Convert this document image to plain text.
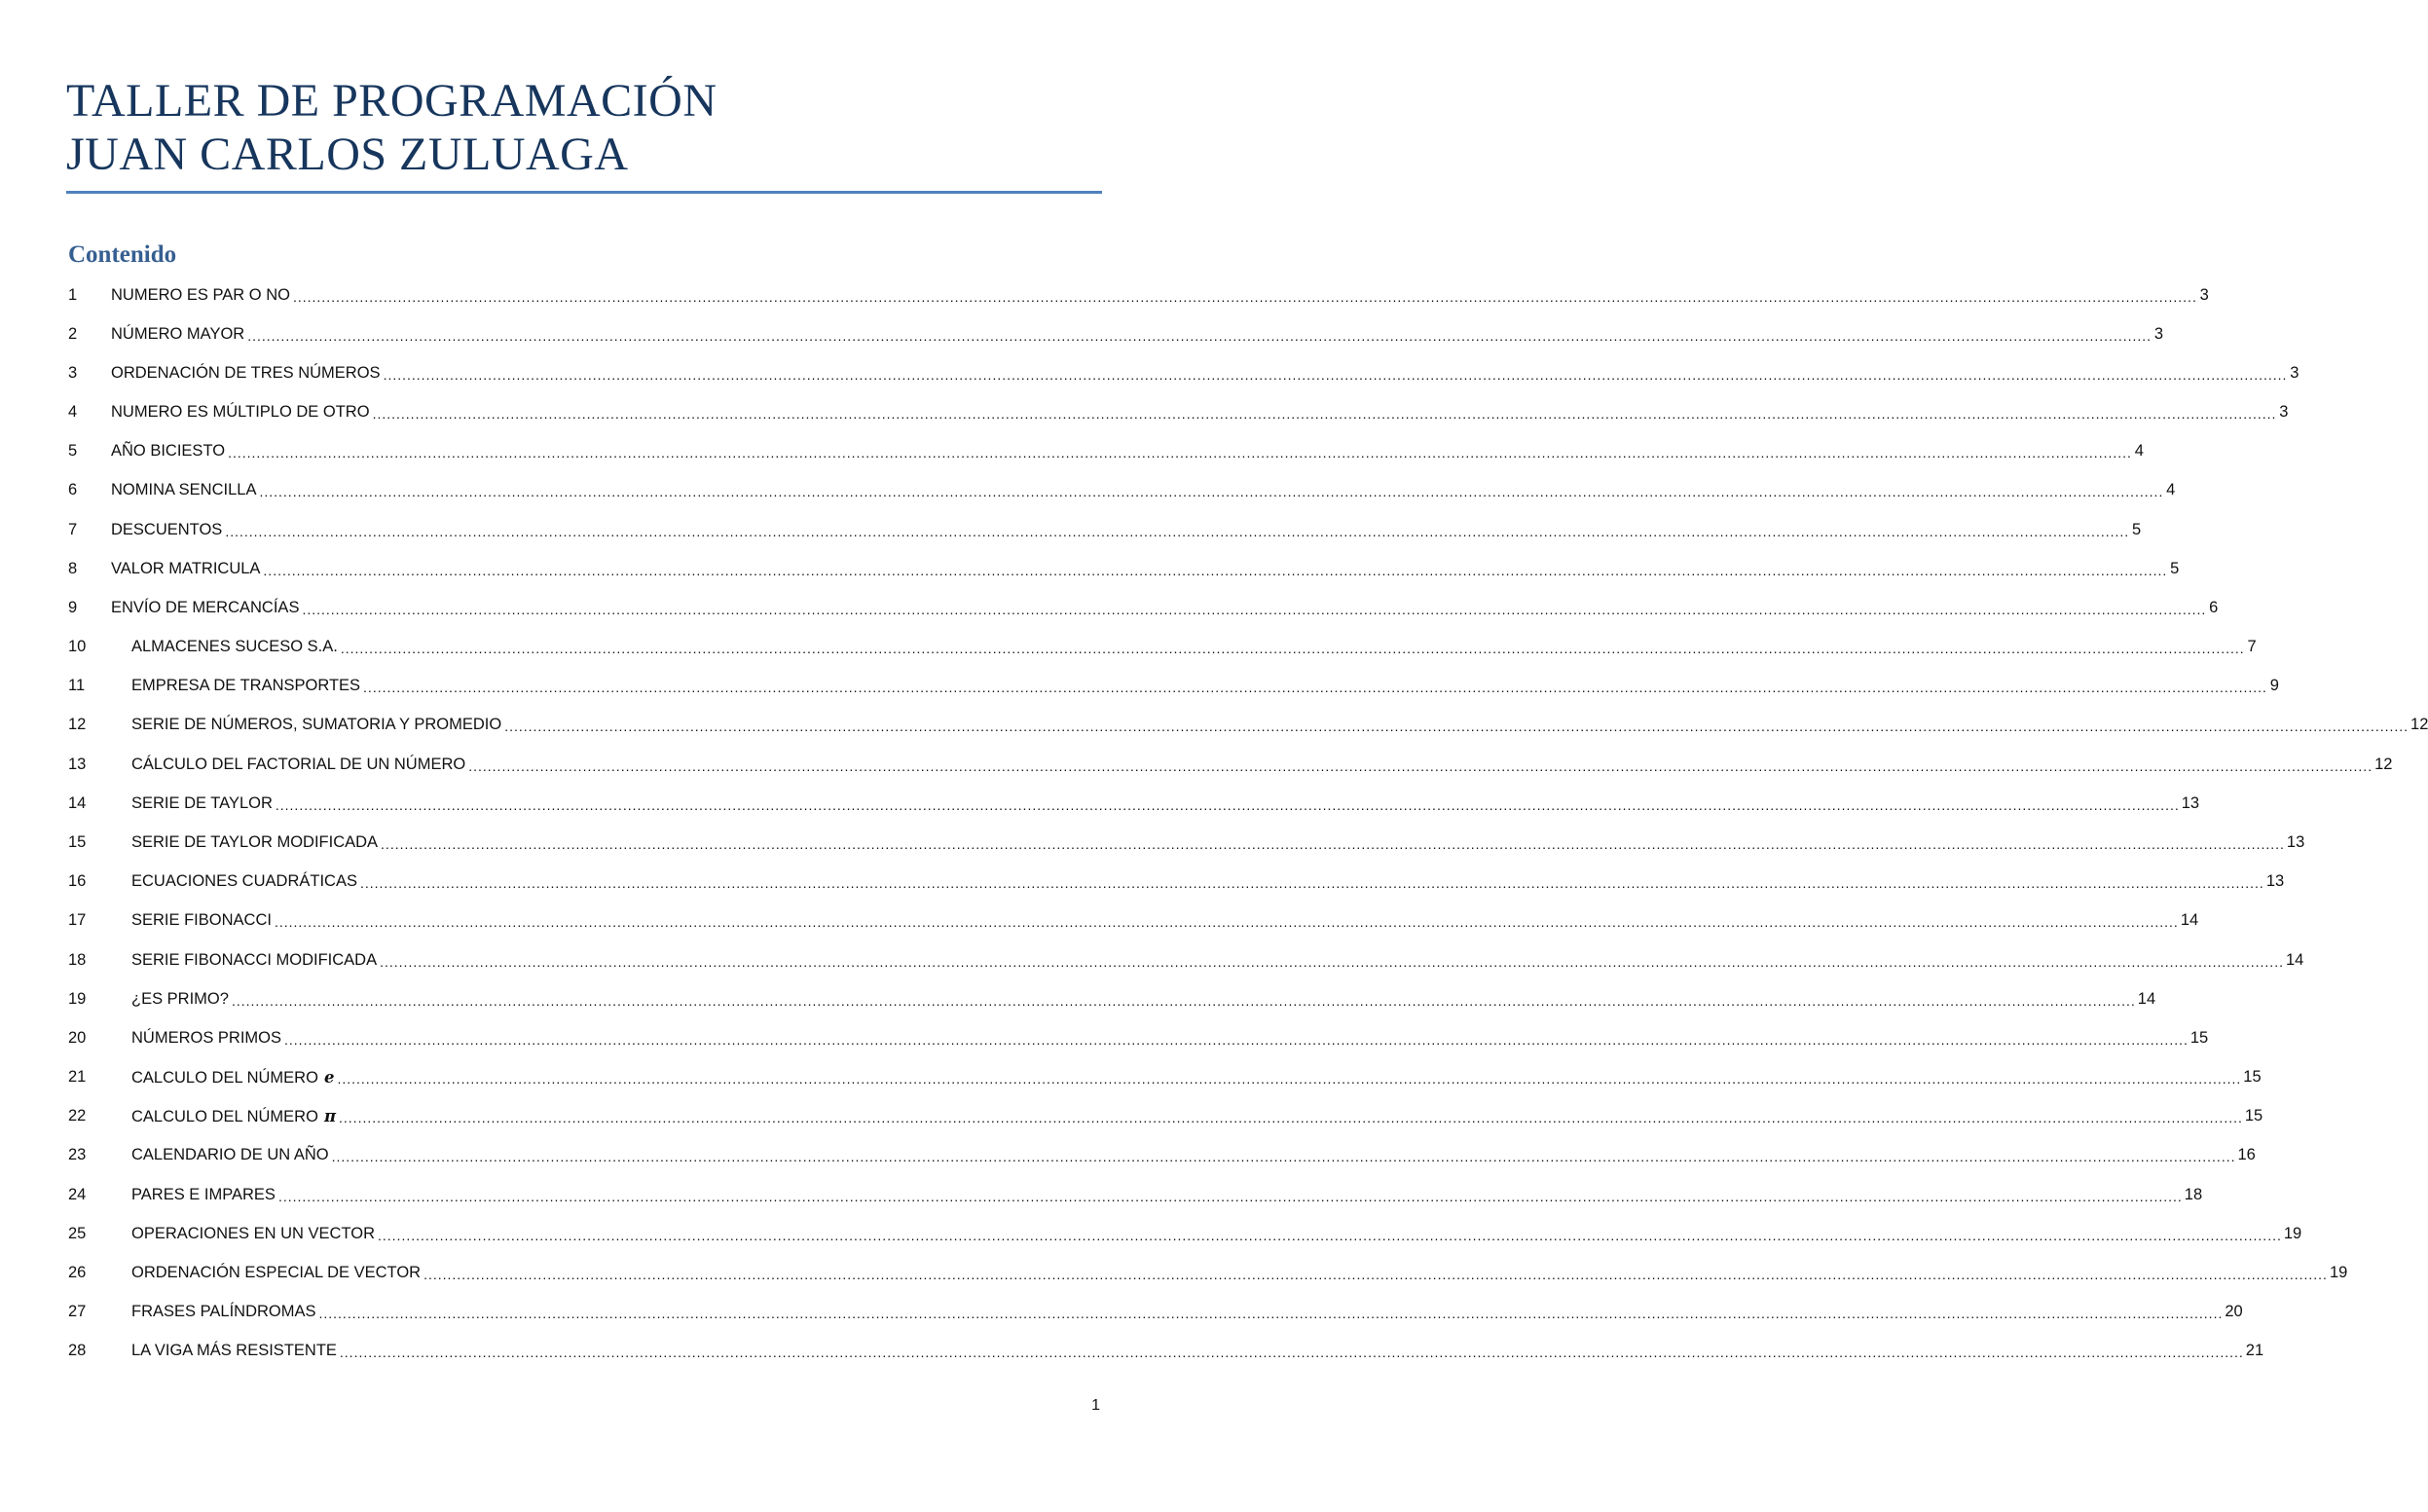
TALLER DE PROGRAMACIÓN
JUAN CARLOS ZULUAGA
Contenido
1	NUMERO ES PAR O NO ................................................................................................................................................................................................................................................................................................................................................................................................................ 3
2	NÚMERO MAYOR ................................................................................................................................................................................................................................................................................................................................................................................................................ 3
3	ORDENACIÓN DE TRES NÚMEROS ................................................................................................................................................................................................................................................................................................................................................................................................................ 3
4	NUMERO ES MÚLTIPLO DE OTRO ................................................................................................................................................................................................................................................................................................................................................................................................................ 3
5	AÑO BICIESTO ................................................................................................................................................................................................................................................................................................................................................................................................................ 4
6	NOMINA SENCILLA ................................................................................................................................................................................................................................................................................................................................................................................................................ 4
7	DESCUENTOS ................................................................................................................................................................................................................................................................................................................................................................................................................ 5
8	VALOR MATRICULA ................................................................................................................................................................................................................................................................................................................................................................................................................ 5
9	ENVÍO DE MERCANCÍAS ................................................................................................................................................................................................................................................................................................................................................................................................................ 6
10	ALMACENES SUCESO S.A. ................................................................................................................................................................................................................................................................................................................................................................................................................ 7
11	EMPRESA DE TRANSPORTES ................................................................................................................................................................................................................................................................................................................................................................................................................ 9
12	SERIE DE NÚMEROS, SUMATORIA Y PROMEDIO ................................................................................................................................................................................................................................................................................................................................................................................................................ 12
13	CÁLCULO DEL FACTORIAL DE UN NÚMERO ................................................................................................................................................................................................................................................................................................................................................................................................................ 12
14	SERIE DE TAYLOR ................................................................................................................................................................................................................................................................................................................................................................................................................ 13
15	SERIE DE TAYLOR MODIFICADA ................................................................................................................................................................................................................................................................................................................................................................................................................ 13
16	ECUACIONES CUADRÁTICAS ................................................................................................................................................................................................................................................................................................................................................................................................................ 13
17	SERIE FIBONACCI ................................................................................................................................................................................................................................................................................................................................................................................................................ 14
18	SERIE FIBONACCI MODIFICADA ................................................................................................................................................................................................................................................................................................................................................................................................................ 14
19	¿ES PRIMO? ................................................................................................................................................................................................................................................................................................................................................................................................................ 14
20	NÚMEROS PRIMOS ................................................................................................................................................................................................................................................................................................................................................................................................................ 15
21	CALCULO DEL NÚMERO e ................................................................................................................................................................................................................................................................................................................................................................................................................ 15
22	CALCULO DEL NÚMERO π ................................................................................................................................................................................................................................................................................................................................................................................................................ 15
23	CALENDARIO DE UN AÑO ................................................................................................................................................................................................................................................................................................................................................................................................................ 16
24	PARES E IMPARES ................................................................................................................................................................................................................................................................................................................................................................................................................ 18
25	OPERACIONES EN UN VECTOR ................................................................................................................................................................................................................................................................................................................................................................................................................ 19
26	ORDENACIÓN ESPECIAL DE VECTOR ................................................................................................................................................................................................................................................................................................................................................................................................................ 19
27	FRASES PALÍNDROMAS ................................................................................................................................................................................................................................................................................................................................................................................................................ 20
28	LA VIGA MÁS RESISTENTE ................................................................................................................................................................................................................................................................................................................................................................................................................ 21
1
